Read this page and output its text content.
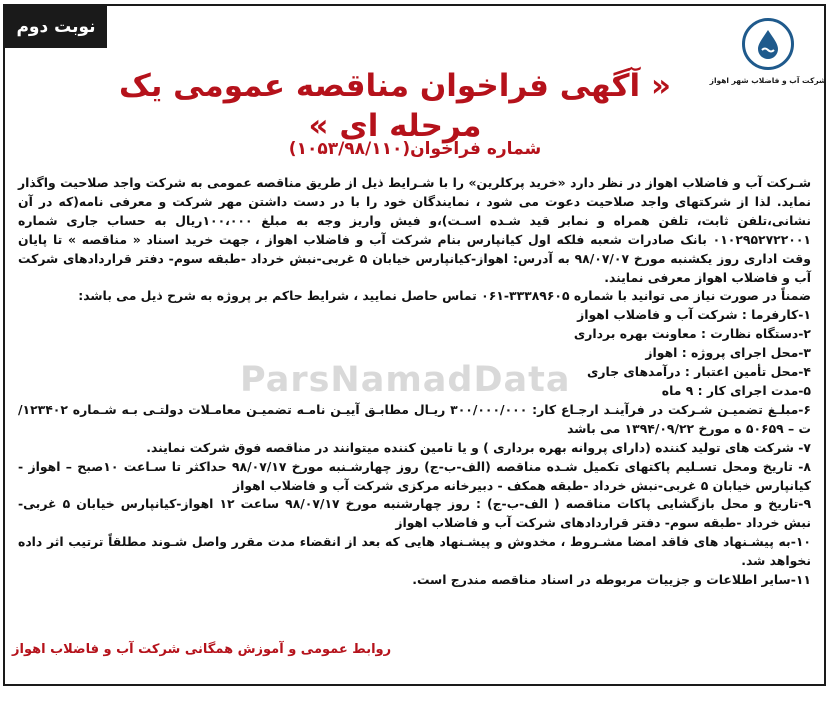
نوبت دوم
شرکت آب و فاضلاب شهر اهواز
« آگهی فراخوان مناقصه عمومی یک مرحله ای »
شماره فراخوان(۱۰۵۳/۹۸/۱۱۰)
ParsNamadData

شـرکت آب و فاضلاب اهواز در نظر دارد «خرید پرکلرین» را با شـرایط ذیل از طریق مناقصه عمومی به شرکت واجد صلاحیت واگذار نماید. لذا از شرکتهای واجد صلاحیت دعوت می شود ، نمایندگان خود را با در دست داشتن مهر شرکت و معرفی نامه(که در آن نشانی،تلفن ثابت، تلفن همراه و نمابر قید شـده اسـت)،و فیش واریز وجه به مبلغ ۱۰۰،۰۰۰ریال به حساب جاری شماره ۰۱۰۲۹۵۲۷۲۲۰۰۱ بانک صادرات شعبه فلکه اول کیانپارس بنام شرکت آب و فاضلاب اهواز ، جهت خرید اسناد « مناقصه » تا پایان وقت اداری روز یکشنبه مورخ ۹۸/۰۷/۰۷ به آدرس: اهواز-کیانپارس خیابان ۵ غربی-نبش خرداد -طبقه سوم- دفتر قراردادهای شرکت آب و فاضلاب اهواز معرفی نمایند.

ضمناً در صورت نیاز می توانید با شماره ۳۳۳۸۹۶۰۵-۰۶۱ تماس حاصل نمایید ، شرایط حاکم بر پروژه به شرح ذیل می باشد:

۱-کارفرما : شرکت آب و فاضلاب اهواز

۲-دستگاه نظارت : معاونت بهره برداری

۳-محل اجرای پروژه : اهواز

۴-محل تأمین اعتبار : درآمدهای جاری

۵-مدت اجرای کار : ۹ ماه

۶-مبلـغ تضمیـن شـرکت در فرآینـد ارجـاع کار: ۳۰۰/۰۰۰/۰۰۰ ریـال مطابـق آییـن نامـه تضمیـن معامـلات دولتـی بـه شـماره ۱۲۳۴۰۲/ت – ۵۰۶۵۹ ه مورخ ۱۳۹۴/۰۹/۲۲ می باشد

۷- شرکت های تولید کننده (دارای پروانه بهره برداری ) و یا تامین کننده میتوانند در مناقصه فوق شرکت نمایند.

۸- تاریخ ومحل تسـلیم پاکتهای تکمیل شـده مناقصه (الف-ب-ج) روز چهارشـنبه مورخ ۹۸/۰۷/۱۷ حداکثر تا سـاعت ۱۰صبح – اهواز - کیانپارس خیابان ۵ غربی-نبش خرداد -طبقه همکف - دبیرخانه مرکزی شرکت آب و فاضلاب اهواز

۹-تاریخ و محل بازگشایی پاکات مناقصه ( الف-ب-ج) : روز چهارشنبه مورخ ۹۸/۰۷/۱۷ ساعت ۱۲ اهواز-کیانپارس خیابان ۵ غربی- نبش خرداد -طبقه سوم- دفتر قراردادهای شرکت آب و فاضلاب اهواز

۱۰-به پیشـنهاد های فاقد امضا مشـروط ، مخدوش و پیشـنهاد هایی که بعد از انقضاء مدت مقرر واصل شـوند مطلقاً ترتیب اثر داده نخواهد شد.

۱۱-سایر اطلاعات و جزییات مربوطه در اسناد مناقصه مندرج است.

روابط عمومی و آموزش همگانی شرکت آب و فاضلاب اهواز
